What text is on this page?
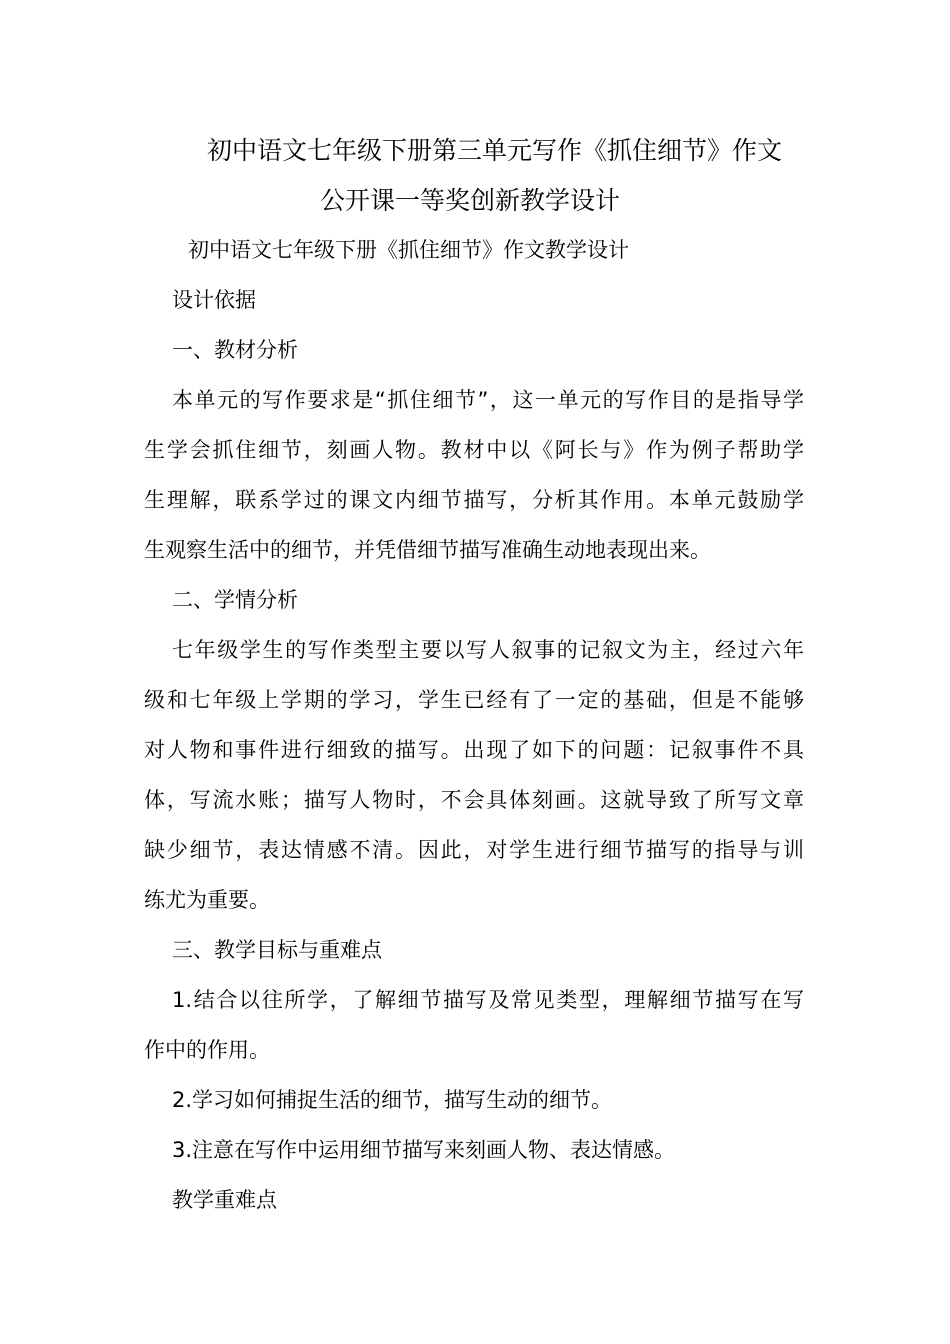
初中语文七年级下册第三单元写作《抓住细节》作文
公开课一等奖创新教学设计
初中语文七年级下册《抓住细节》作文教学设计
设计依据
一、教材分析
本单元的写作要求是“抓住细节”，这一单元的写作目的是指导学
生学会抓住细节，刻画人物。教材中以《阿长与》作为例子帮助学
生理解，联系学过的课文内细节描写，分析其作用。本单元鼓励学
生观察生活中的细节，并凭借细节描写准确生动地表现出来。
二、学情分析
七年级学生的写作类型主要以写人叙事的记叙文为主，经过六年
级和七年级上学期的学习，学生已经有了一定的基础，但是不能够
对人物和事件进行细致的描写。出现了如下的问题：记叙事件不具
体，写流水账；描写人物时，不会具体刻画。这就导致了所写文章
缺少细节，表达情感不清。因此，对学生进行细节描写的指导与训
练尤为重要。
三、教学目标与重难点
1.结合以往所学，了解细节描写及常见类型，理解细节描写在写
作中的作用。
2.学习如何捕捉生活的细节，描写生动的细节。
3.注意在写作中运用细节描写来刻画人物、表达情感。
教学重难点
